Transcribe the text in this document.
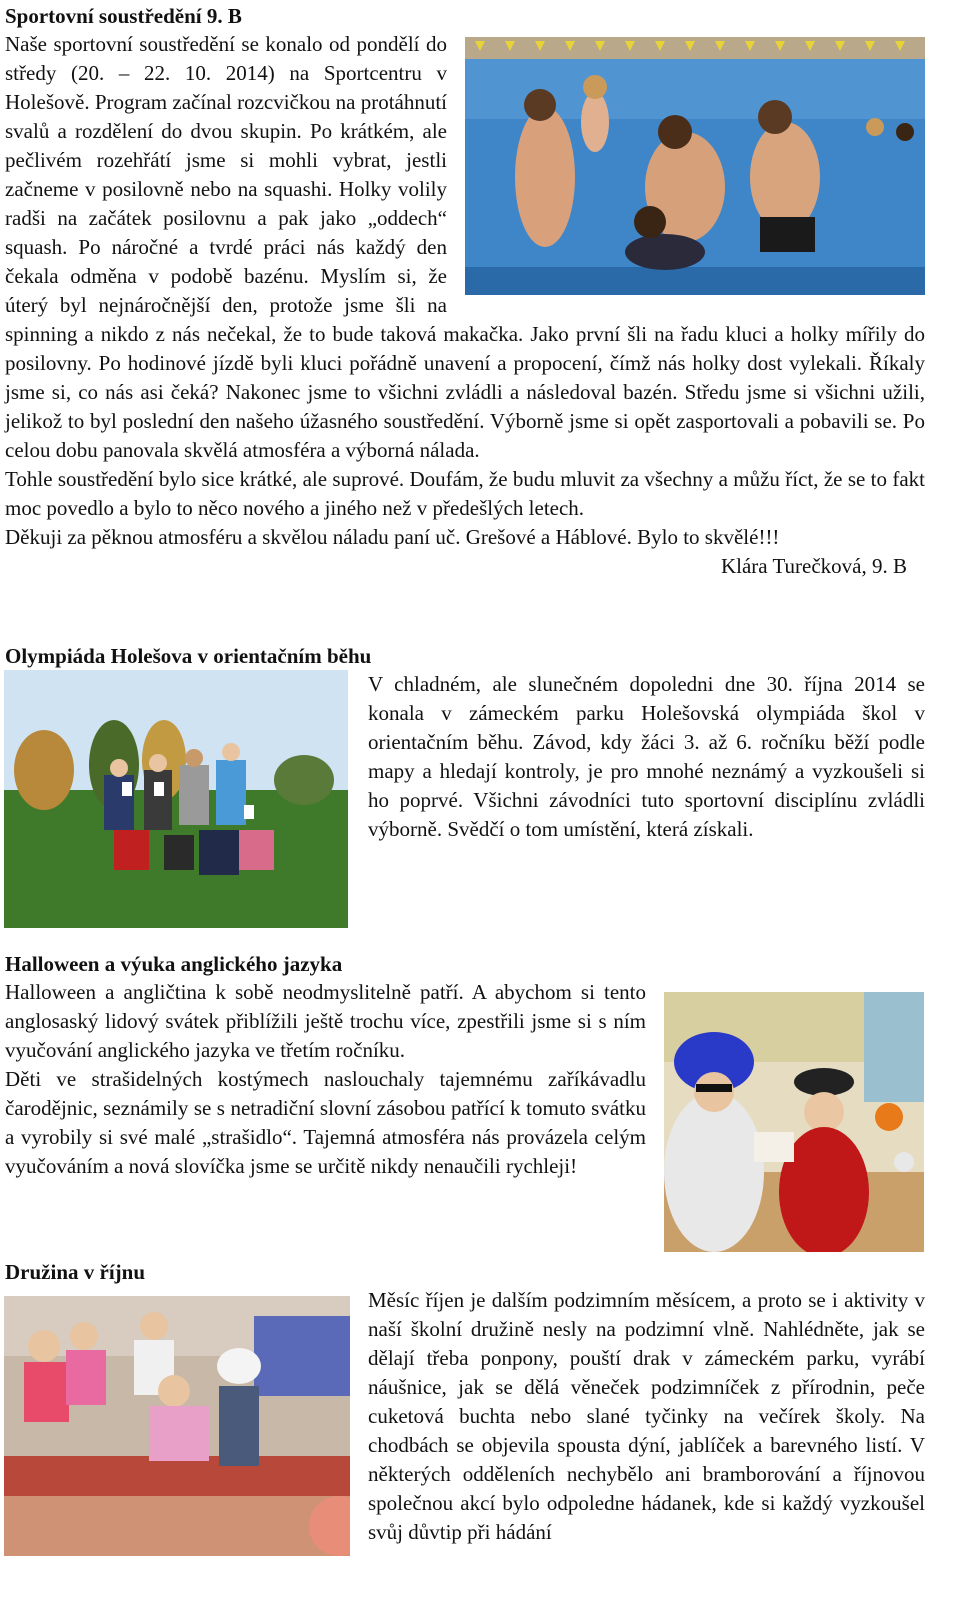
Sportovní soustředění 9. B

Naše sportovní soustředění se konalo od pondělí do středy (20. – 22. 10. 2014) na Sportcentru v Holešově. Program začínal rozcvičkou na protáhnutí svalů a rozdělení do dvou skupin. Po krátkém, ale pečlivém rozehřátí jsme si mohli vybrat, jestli začneme v posilovně nebo na squashi. Holky volily radši na začátek posilovnu a pak jako „oddech“ squash. Po náročné a tvrdé práci nás každý den čekala odměna v podobě bazénu. Myslím si, že úterý byl nejnáročnější den, protože jsme šli na spinning a nikdo z nás nečekal, že to bude taková makačka. Jako první šli na řadu kluci a holky mířily do posilovny. Po hodinové jízdě byli kluci pořádně unavení a propocení, čímž nás holky dost vylekali. Říkaly jsme si, co nás asi čeká? Nakonec jsme to všichni zvládli a následoval bazén. Středu jsme si všichni užili, jelikož to byl poslední den našeho úžasného soustředění. Výborně jsme si opět zasportovali a pobavili se. Po celou dobu panovala skvělá atmosféra a výborná nálada.

Tohle soustředění bylo sice krátké, ale suprové. Doufám, že budu mluvit za všechny a můžu říct, že se to fakt moc povedlo a bylo to něco nového a jiného než v předešlých letech.

Děkuji za pěknou atmosféru a skvělou náladu paní uč. Grešové a Háblové. Bylo to skvělé!!!

Klára Turečková, 9. B

Olympiáda Holešova v orientačním běhu

V chladném, ale slunečném dopoledni dne 30. října 2014 se konala v zámeckém parku Holešovská olympiáda škol v orientačním běhu. Závod, kdy žáci 3. až 6. ročníku běží podle mapy a hledají kontroly, je pro mnohé neznámý a vyzkoušeli si ho poprvé. Všichni závodníci tuto sportovní disciplínu zvládli výborně. Svědčí o tom umístění, která získali.

Halloween a výuka anglického jazyka

Halloween a angličtina k sobě neodmyslitelně patří. A abychom si tento anglosaský lidový svátek přiblížili ještě trochu více, zpestřili jsme si s ním vyučování anglického jazyka ve třetím ročníku.

Děti ve strašidelných kostýmech naslouchaly tajemnému zaříkávadlu čarodějnic, seznámily se s netradiční slovní zásobou patřící k tomuto svátku a vyrobily si své malé „strašidlo“. Tajemná atmosféra nás provázela celým vyučováním a nová slovíčka jsme se určitě nikdy nenaučili rychleji!

Družina v říjnu

Měsíc říjen je dalším podzimním měsícem, a proto se i aktivity v naší školní družině nesly na podzimní vlně. Nahlédněte, jak se dělají třeba ponpony, pouští drak v zámeckém parku, vyrábí náušnice, jak se dělá věneček podzimníček z přírodnin, peče cuketová buchta nebo slané tyčinky na večírek školy. Na chodbách se objevila spousta dýní, jablíček a barevného listí. V některých odděleních nechybělo ani bramborování a říjnovou společnou akcí bylo odpoledne hádanek, kde si každý vyzkoušel svůj důvtip při hádání
